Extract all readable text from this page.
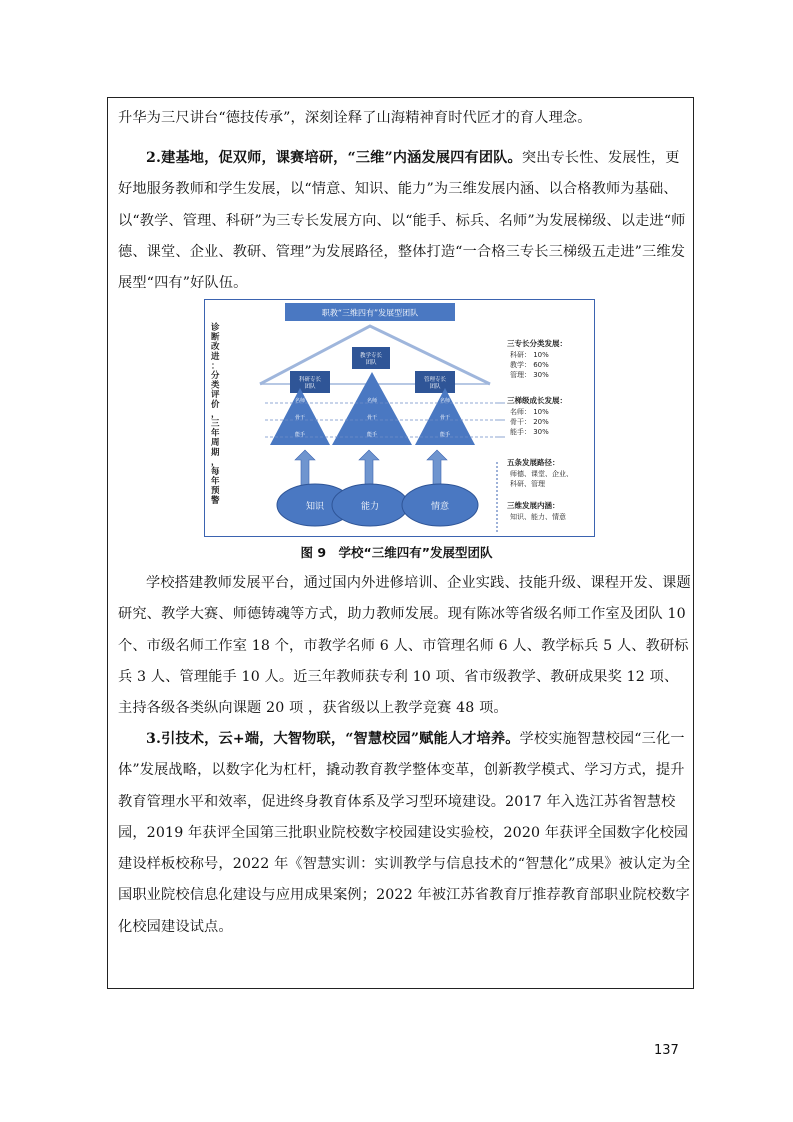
升华为三尺讲台“德技传承”，深刻诠释了山海精神育时代匠才的育人理念。

2.建基地，促双师，课赛培研，“三维”内涵发展四有团队。突出专长性、发展性，更好地服务教师和学生发展，以“情意、知识、能力”为三维发展内涵、以合格教师为基础、以“教学、管理、科研”为三专长发展方向、以“能手、标兵、名师”为发展梯级、以走进“师德、课堂、企业、教研、管理”为发展路径，整体打造“一合格三专长三梯级五走进”三维发展型“四有”好队伍。

职教“三维四有”发展型团队
诊
断
改
进
：
分
类
评
价
，
三
年
周
期
，
每
年
预
警
教学专长
团队
科研专长
团队
管理专长
团队
名师
骨干
能手
名师
骨干
能手
名师
骨干
能手
知识	能力	情意
三专长分类发展：
科研： 10%
教学： 60%
管理： 30%
三梯级成长发展：
名师： 10%
骨干： 20%
能手： 30%
五条发展路径：
师德、课堂、企业、
科研、管理
三维发展内涵：
知识、能力、情意
图 9　学校“三维四有”发展型团队

学校搭建教师发展平台，通过国内外进修培训、企业实践、技能升级、课程开发、课题研究、教学大赛、师德铸魂等方式，助力教师发展。现有陈冰等省级名师工作室及团队 10 个、市级名师工作室 18 个，市教学名师 6 人、市管理名师 6 人、教学标兵 5 人、教研标兵 3 人、管理能手 10 人。近三年教师获专利 10 项、省市级教学、教研成果奖 12 项、主持各级各类纵向课题 20 项 ，获省级以上教学竞赛 48 项。

3.引技术，云+端，大智物联，“智慧校园”赋能人才培养。学校实施智慧校园“三化一体”发展战略，以数字化为杠杆，撬动教育教学整体变革，创新教学模式、学习方式，提升教育管理水平和效率，促进终身教育体系及学习型环境建设。2017 年入选江苏省智慧校园，2019 年获评全国第三批职业院校数字校园建设实验校，2020 年获评全国数字化校园建设样板校称号，2022 年《智慧实训：实训教学与信息技术的“智慧化”成果》被认定为全国职业院校信息化建设与应用成果案例；2022 年被江苏省教育厅推荐教育部职业院校数字化校园建设试点。

137
